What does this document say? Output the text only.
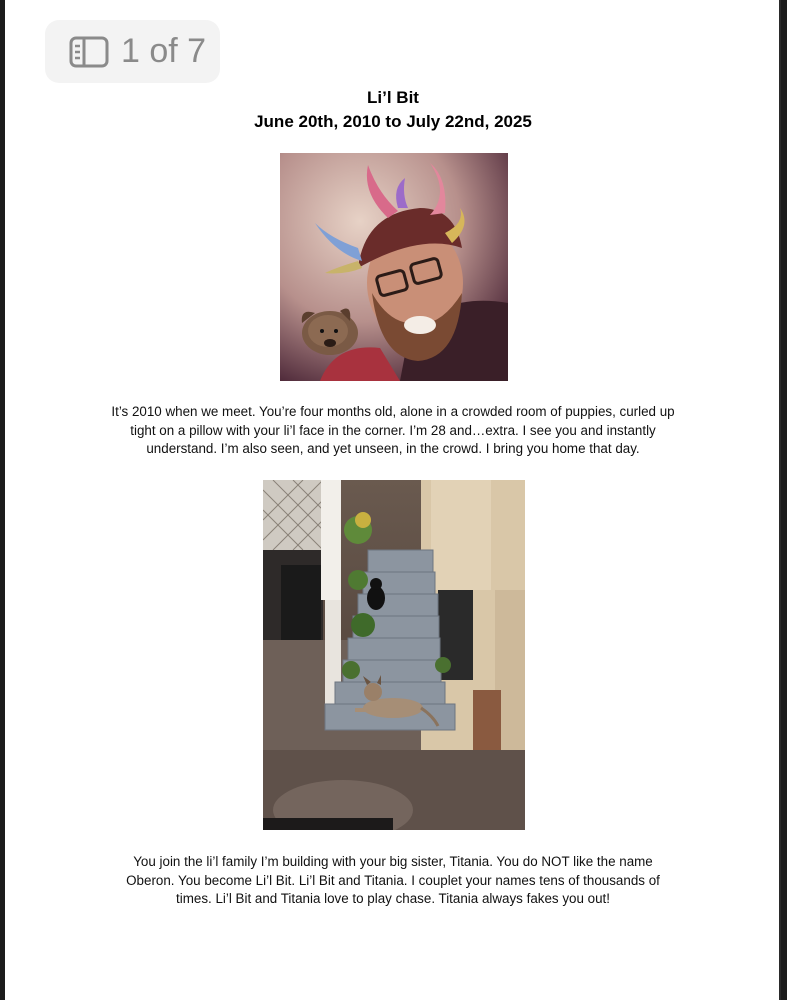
1 of 7
Li’l Bit
June 20th, 2010 to July 22nd, 2025
It’s 2010 when we meet. You’re four months old, alone in a crowded room of puppies, curled up
tight on a pillow with your li’l face in the corner. I’m 28 and…extra. I see you and instantly
understand. I’m also seen, and yet unseen, in the crowd. I bring you home that day.
You join the li’l family I’m building with your big sister, Titania. You do NOT like the name
Oberon. You become Li’l Bit. Li’l Bit and Titania. I couplet your names tens of thousands of
times. Li’l Bit and Titania love to play chase. Titania always fakes you out!
